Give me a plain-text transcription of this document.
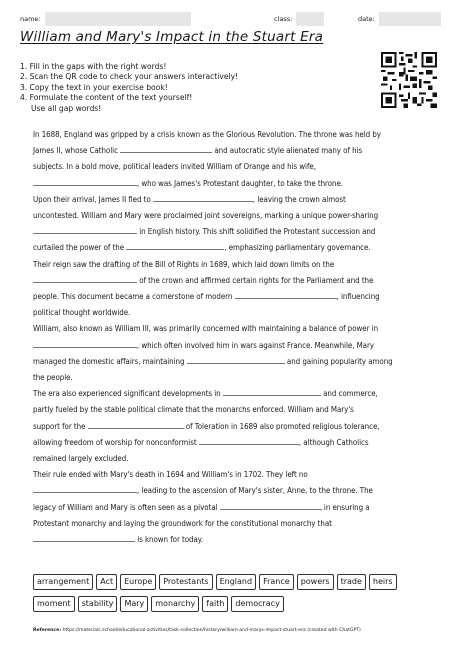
name:	class:	date:
William and Mary's Impact in the Stuart Era
1. Fill in the gaps with the right words!
2. Scan the QR code to check your answers interactively!
3. Copy the text in your exercise book!
4. Formulate the content of the text yourself!
Use all gap words!

In 1688, England was gripped by a crisis known as the Glorious Revolution. The throne was held by

James II, whose Catholic	and autocratic style alienated many of his

subjects. In a bold move, political leaders invited William of Orange and his wife,

, who was James's Protestant daughter, to take the throne.

Upon their arrival, James II fled to	, leaving the crown almost

uncontested. William and Mary were proclaimed joint sovereigns, marking a unique power-sharing

in English history. This shift solidified the Protestant succession and

curtailed the power of the	, emphasizing parliamentary governance.

Their reign saw the drafting of the Bill of Rights in 1689, which laid down limits on the

of the crown and affirmed certain rights for the Parliament and the

people. This document became a cornerstone of modern	, influencing

political thought worldwide.

William, also known as William III, was primarily concerned with maintaining a balance of power in

, which often involved him in wars against France. Meanwhile, Mary

managed the domestic affairs, maintaining	and gaining popularity among

the people.

The era also experienced significant developments in	and commerce,

partly fueled by the stable political climate that the monarchs enforced. William and Mary's

support for the	of Toleration in 1689 also promoted religious tolerance,

allowing freedom of worship for nonconformist	, although Catholics

remained largely excluded.

Their rule ended with Mary's death in 1694 and William's in 1702. They left no

, leading to the ascension of Mary's sister, Anne, to the throne. The

legacy of William and Mary is often seen as a pivotal	in ensuring a

Protestant monarchy and laying the groundwork for the constitutional monarchy that

is known for today.

arrangement	Act	Europe	Protestants	England	France	powers	trade	heirs
moment	stability	Mary	monarchy	faith	democracy
Reference: https://materials.school/educational-activities/task-collection/history/william-and-marys-impact-stuart-era (created with ChatGPT)
